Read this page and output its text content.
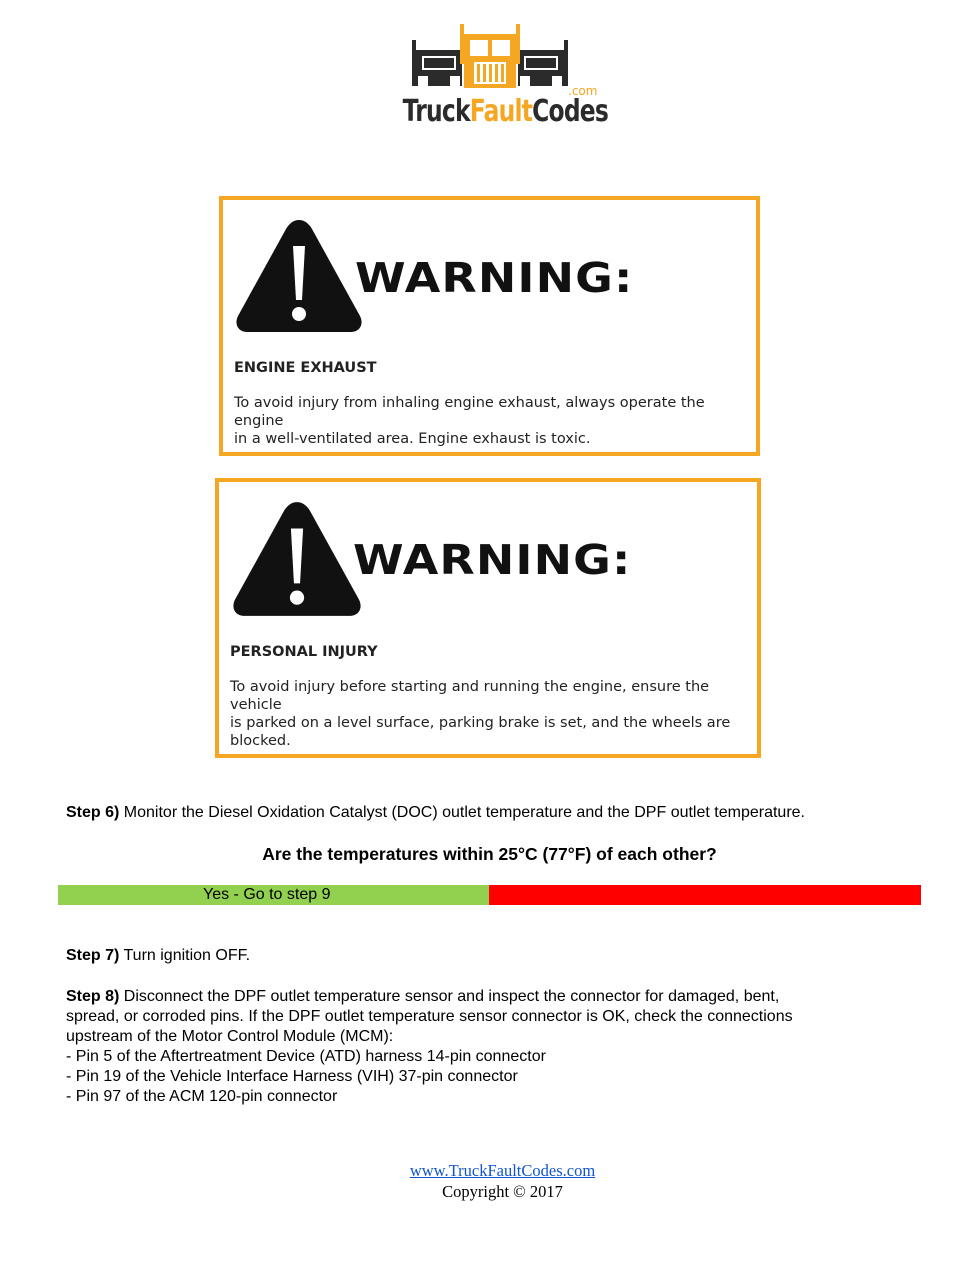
TruckFaultCodes
.com
WARNING:
ENGINE EXHAUST
To avoid injury from inhaling engine exhaust, always operate the engine
in a well-ventilated area. Engine exhaust is toxic.
WARNING:
PERSONAL INJURY
To avoid injury before starting and running the engine, ensure the vehicle
is parked on a level surface, parking brake is set, and the wheels are
blocked.
Step 6) Monitor the Diesel Oxidation Catalyst (DOC) outlet temperature and the DPF outlet temperature.
Are the temperatures within 25°C (77°F) of each other?
Yes - Go to step 9
Step 7) Turn ignition OFF.
Step 8) Disconnect the DPF outlet temperature sensor and inspect the connector for damaged, bent,
spread, or corroded pins. If the DPF outlet temperature sensor connector is OK, check the connections
upstream of the Motor Control Module (MCM):
- Pin 5 of the Aftertreatment Device (ATD) harness 14-pin connector
- Pin 19 of the Vehicle Interface Harness (VIH) 37-pin connector
- Pin 97 of the ACM 120-pin connector
www.TruckFaultCodes.com
Copyright © 2017
